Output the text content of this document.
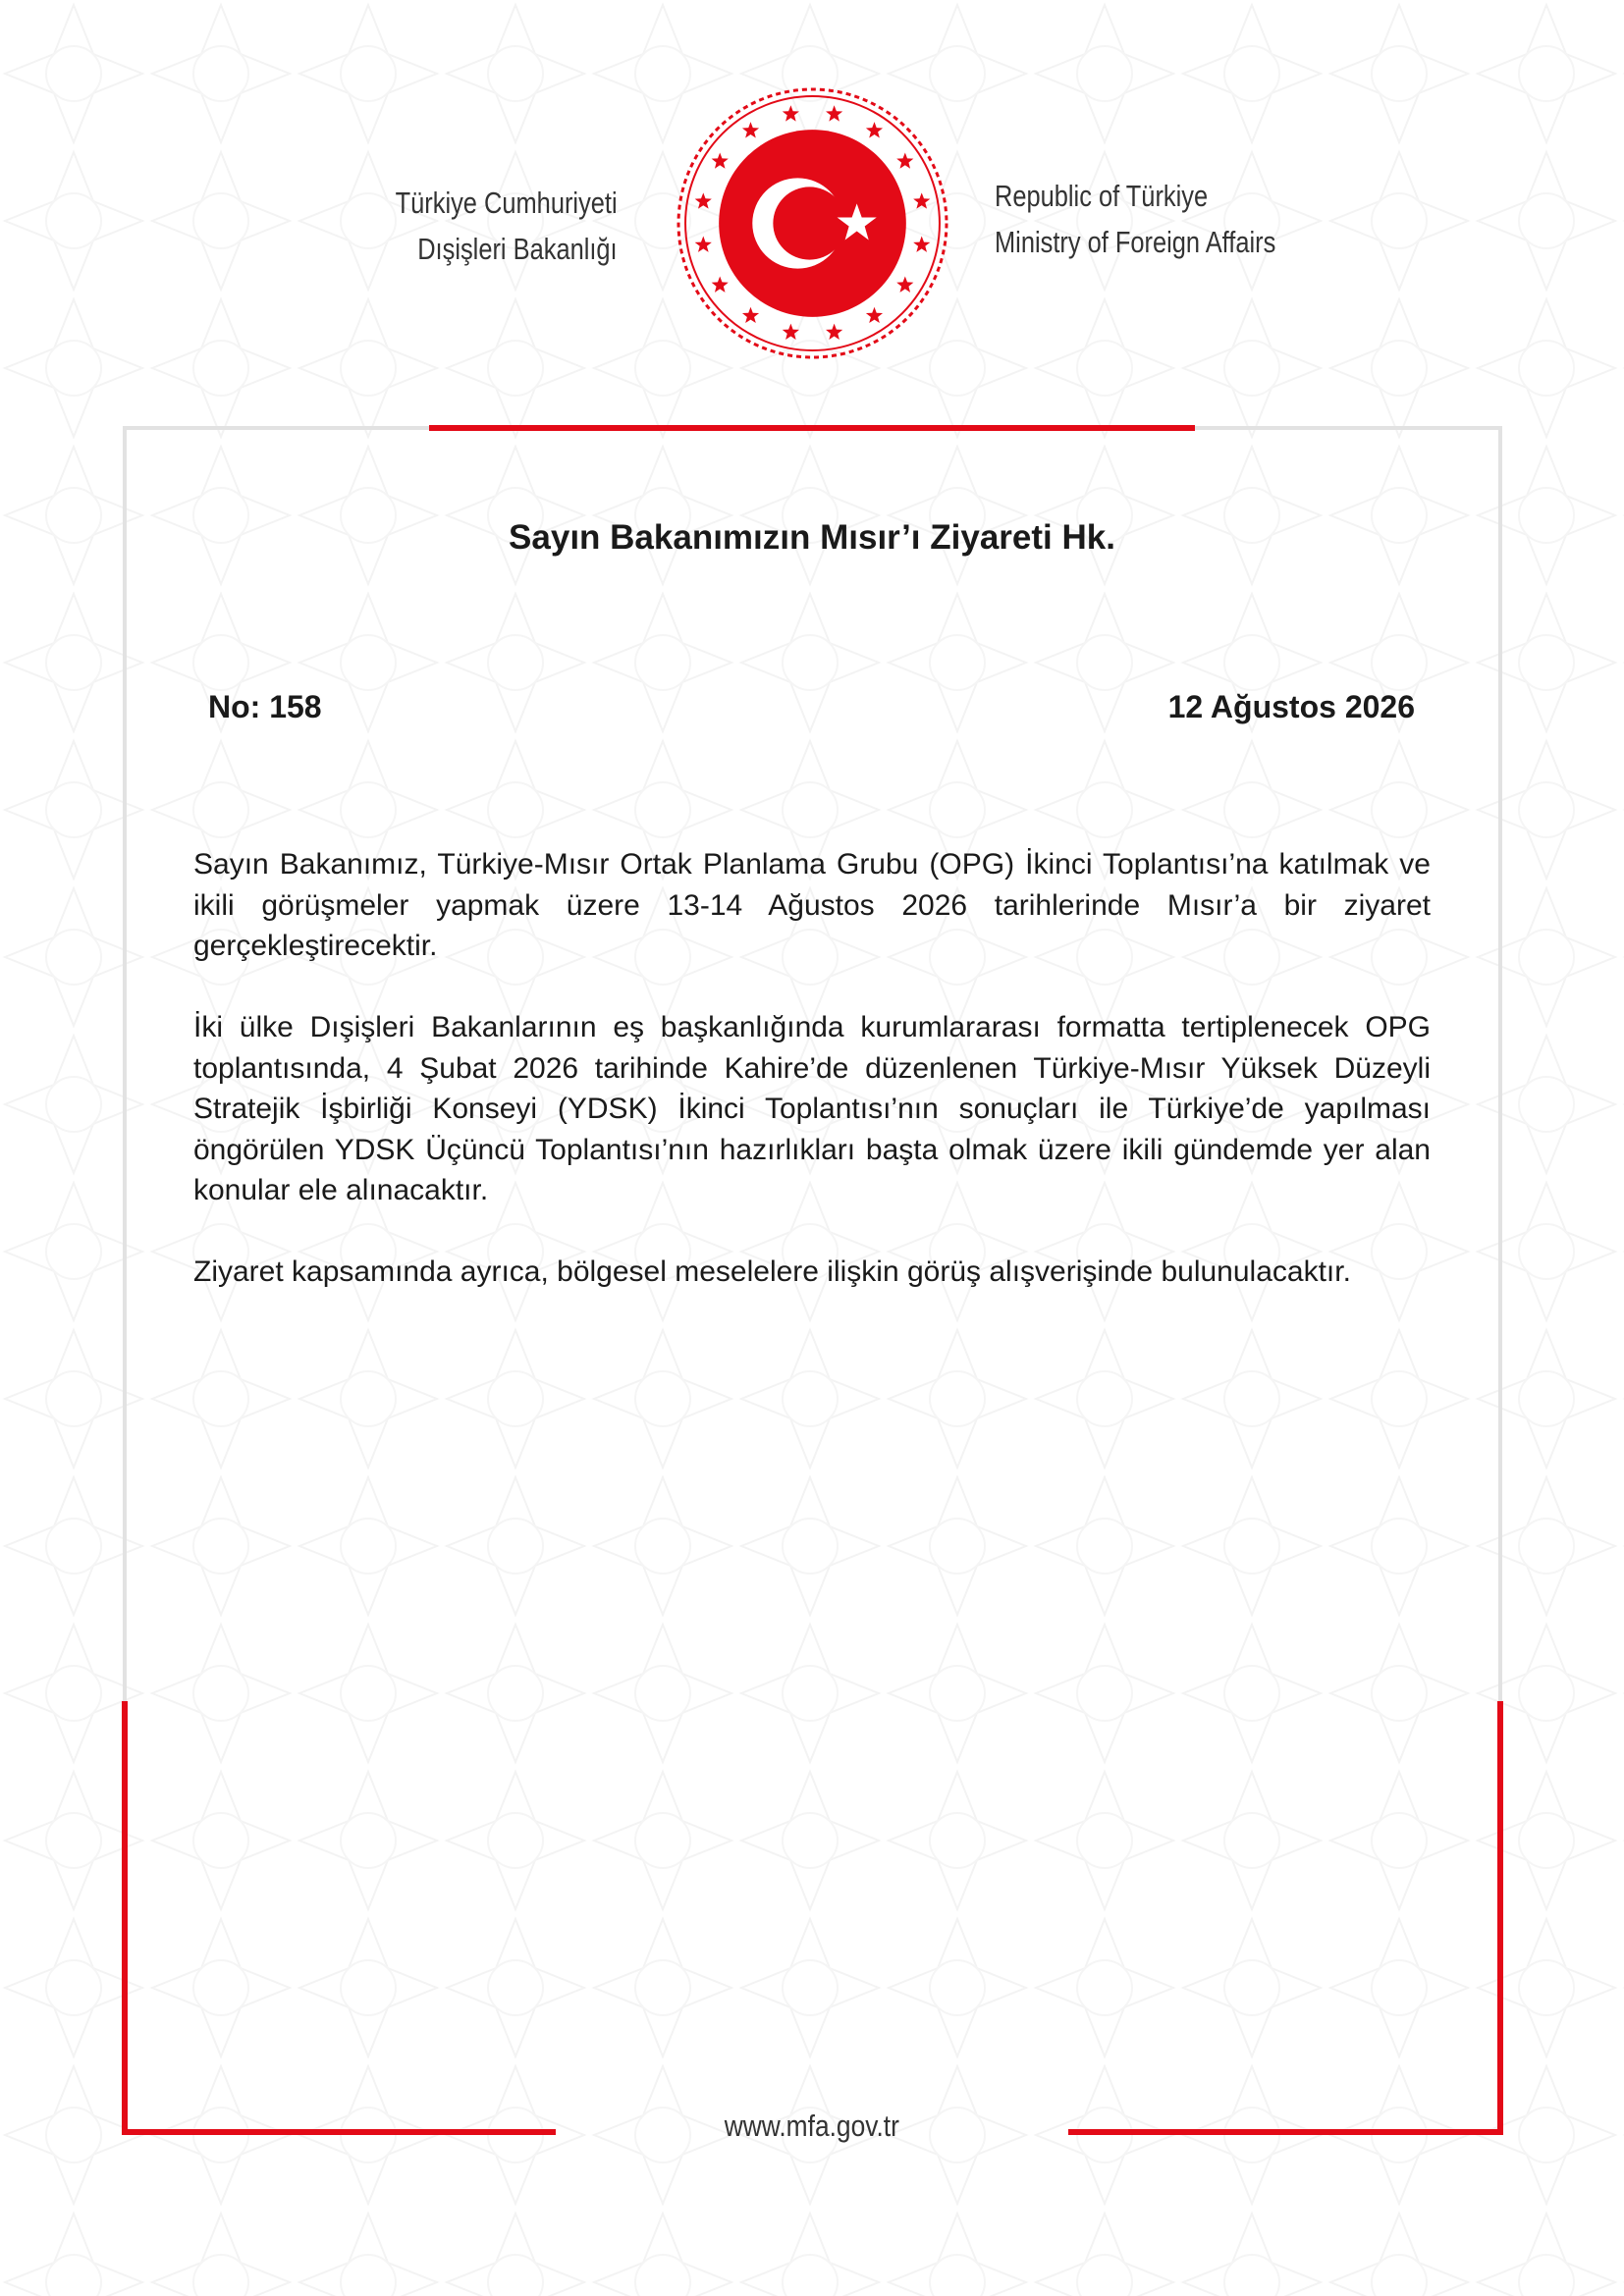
Türkiye Cumhuriyeti
Dışişleri Bakanlığı
Republic of Türkiye
Ministry of Foreign Affairs
Sayın Bakanımızın Mısır’ı Ziyareti Hk.
No: 158	12 Ağustos 2026

Sayın Bakanımız, Türkiye-Mısır Ortak Planlama Grubu (OPG) İkinci Toplantısı’na katılmak ve ikili görüşmeler yapmak üzere 13-14 Ağustos 2026 tarihlerinde Mısır’a bir ziyaret gerçekleştirecektir.

İki ülke Dışişleri Bakanlarının eş başkanlığında kurumlararası formatta tertiplenecek OPG toplantısında, 4 Şubat 2026 tarihinde Kahire’de düzenlenen Türkiye-Mısır Yüksek Düzeyli Stratejik İşbirliği Konseyi (YDSK) İkinci Toplantısı’nın sonuçları ile Türkiye’de yapılması öngörülen YDSK Üçüncü Toplantısı’nın hazırlıkları başta olmak üzere ikili gündemde yer alan konular ele alınacaktır.

Ziyaret kapsamında ayrıca, bölgesel meselelere ilişkin görüş alışverişinde bulunulacaktır.

www.mfa.gov.tr
